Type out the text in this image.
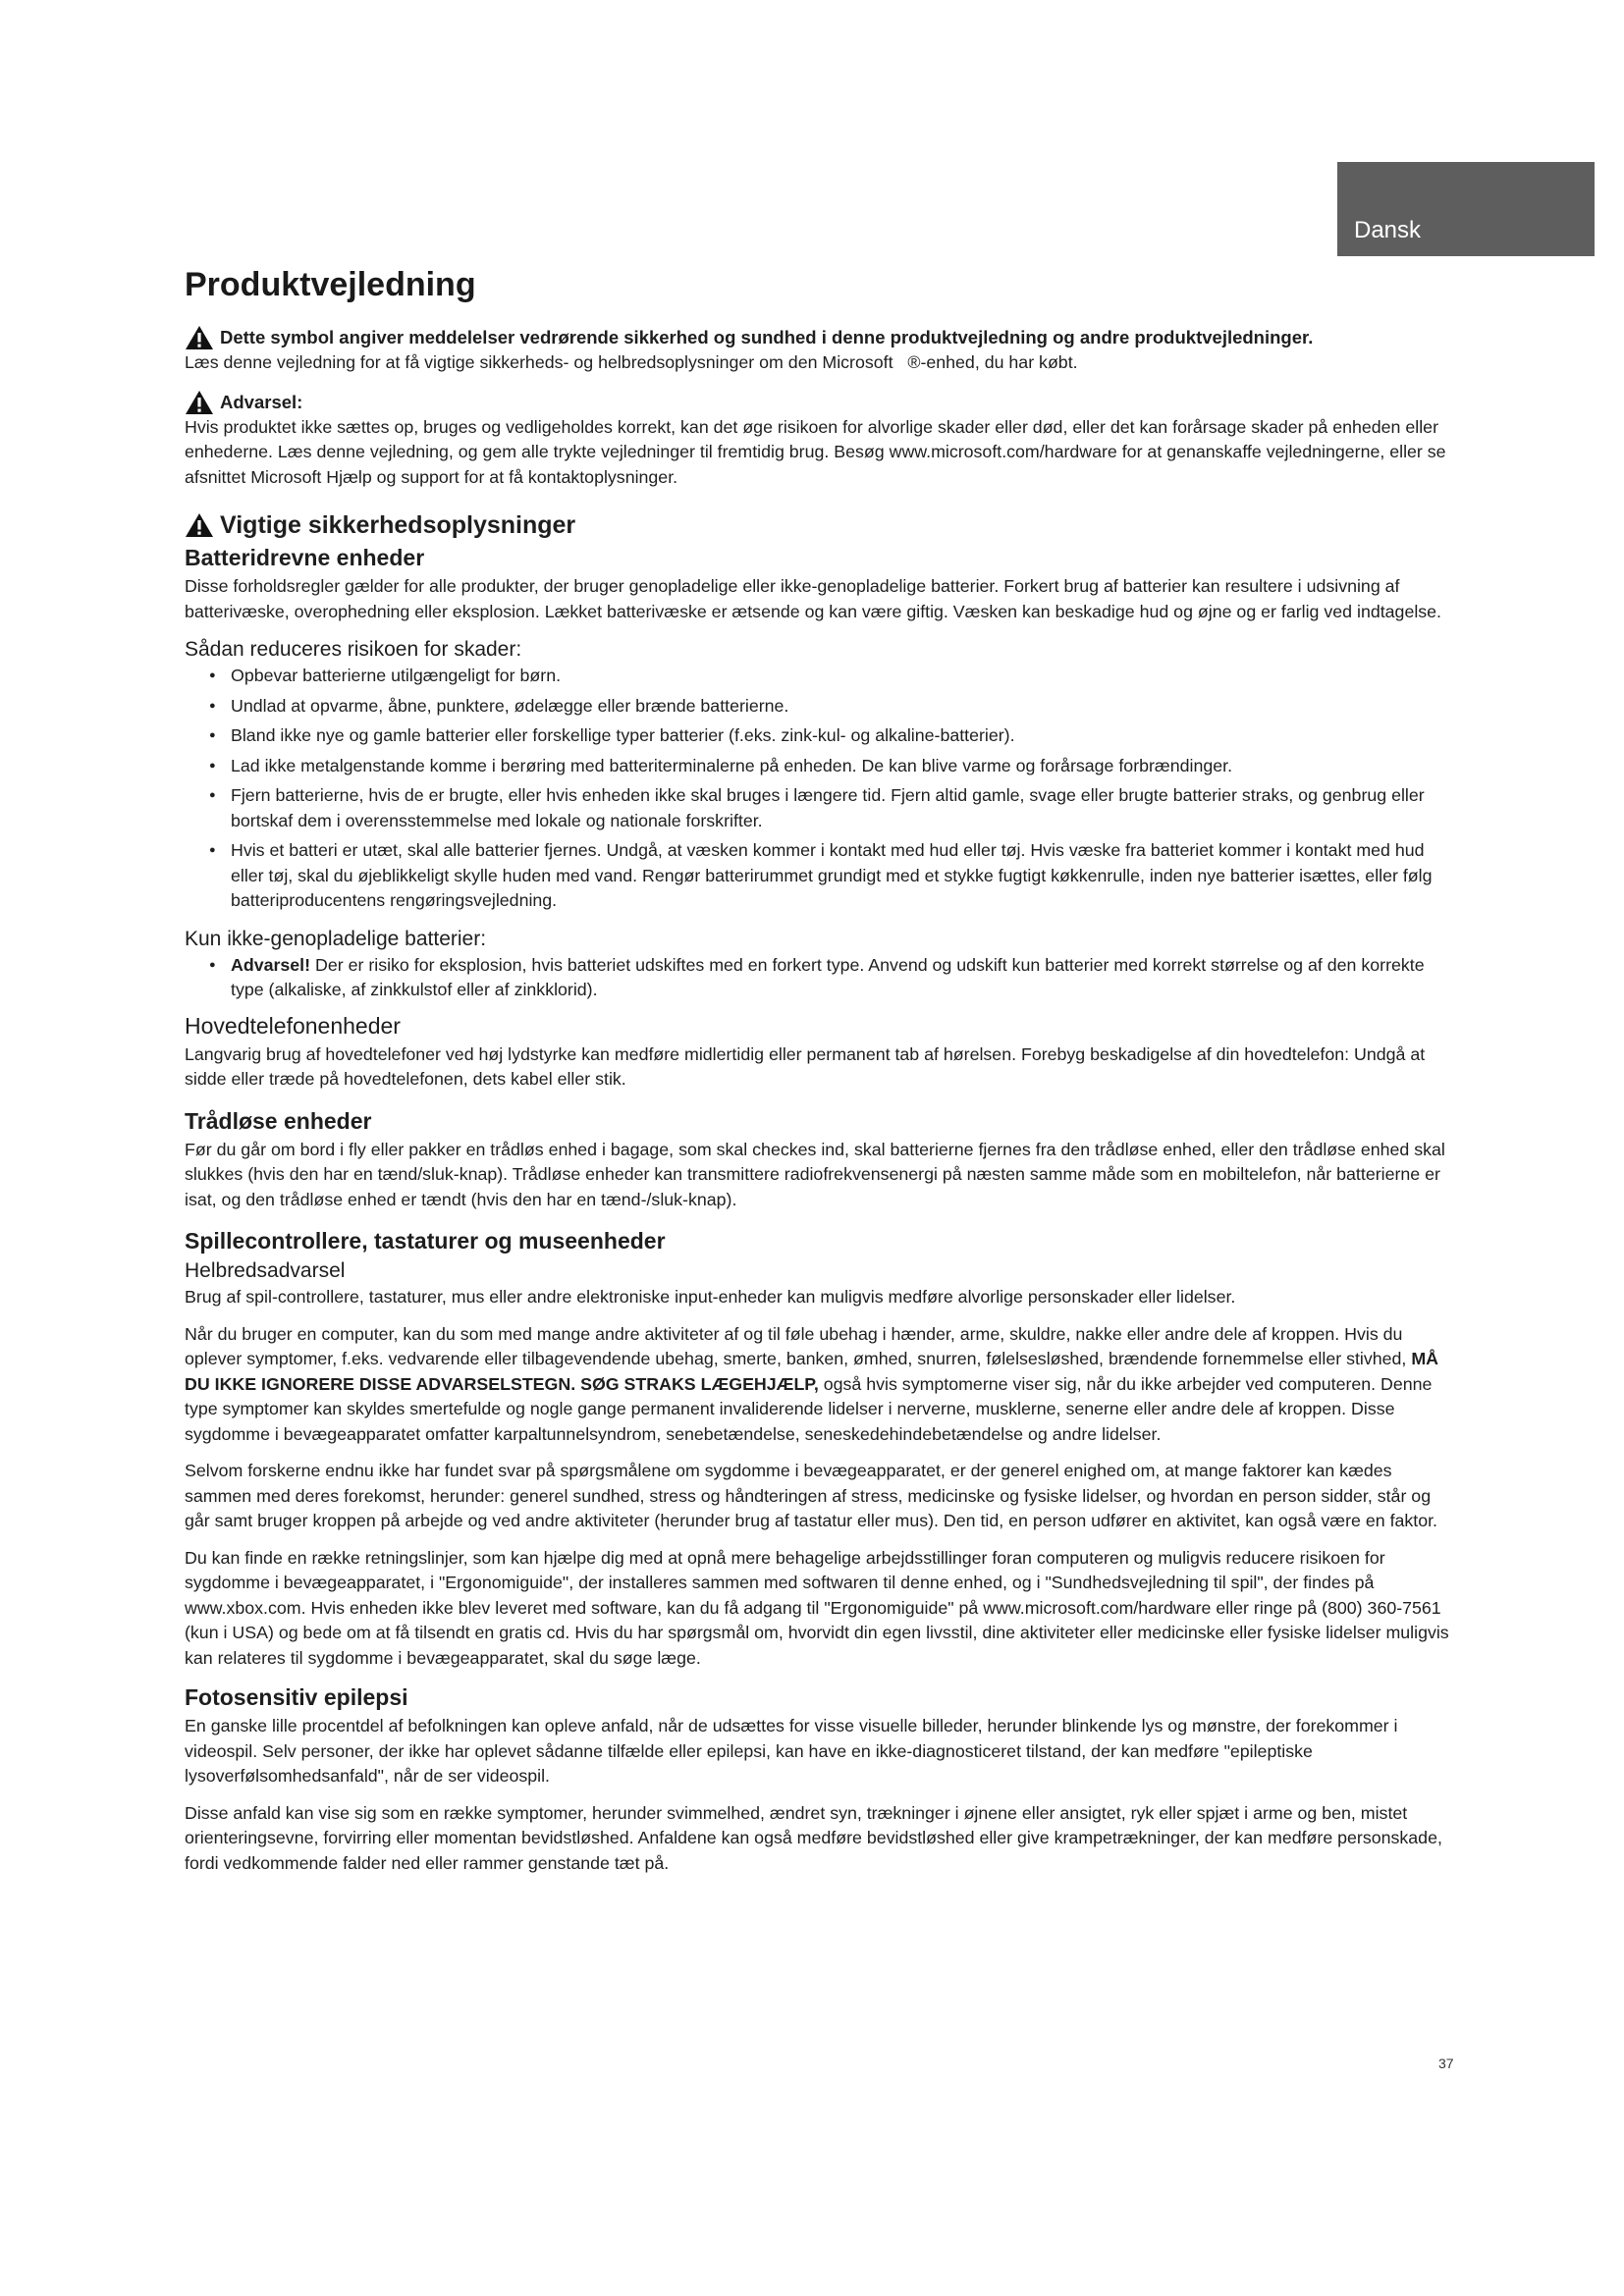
Dansk
Produktvejledning
Dette symbol angiver meddelelser vedrørende sikkerhed og sundhed i denne produktvejledning og andre produktvejledninger.

Læs denne vejledning for at få vigtige sikkerheds- og helbredsoplysninger om den Microsoft   ®-enhed, du har købt.

Advarsel:

Hvis produktet ikke sættes op, bruges og vedligeholdes korrekt, kan det øge risikoen for alvorlige skader eller død, eller det kan forårsage skader på enheden eller enhederne. Læs denne vejledning, og gem alle trykte vejledninger til fremtidig brug. Besøg www.microsoft.com/hardware for at genanskaffe vejledningerne, eller se afsnittet Microsoft Hjælp og support for at få kontaktoplysninger.

Vigtige sikkerhedsoplysninger
Batteridrevne enheder

Disse forholdsregler gælder for alle produkter, der bruger genopladelige eller ikke-genopladelige batterier. Forkert brug af batterier kan resultere i udsivning af batterivæske, overophedning eller eksplosion. Lækket batterivæske er ætsende og kan være giftig. Væsken kan beskadige hud og øjne og er farlig ved indtagelse.

Sådan reduceres risikoen for skader:
● Opbevar batterierne utilgængeligt for børn.
● Undlad at opvarme, åbne, punktere, ødelægge eller brænde batterierne.
● Bland ikke nye og gamle batterier eller forskellige typer batterier (f.eks. zink-kul- og alkaline-batterier).
● Lad ikke metalgenstande komme i berøring med batteriterminalerne på enheden. De kan blive varme og forårsage forbrændinger.
● Fjern batterierne, hvis de er brugte, eller hvis enheden ikke skal bruges i længere tid. Fjern altid gamle, svage eller brugte batterier straks, og genbrug eller bortskaf dem i overensstemmelse med lokale og nationale forskrifter.
● Hvis et batteri er utæt, skal alle batterier fjernes. Undgå, at væsken kommer i kontakt med hud eller tøj. Hvis væske fra batteriet kommer i kontakt med hud eller tøj, skal du øjeblikkeligt skylle huden med vand. Rengør batterirummet grundigt med et stykke fugtigt køkkenrulle, inden nye batterier isættes, eller følg batteriproducentens rengøringsvejledning.
Kun ikke-genopladelige batterier:
● Advarsel! Der er risiko for eksplosion, hvis batteriet udskiftes med en forkert type. Anvend og udskift kun batterier med korrekt størrelse og af den korrekte type (alkaliske, af zinkkulstof eller af zinkklorid).
Hovedtelefonenheder

Langvarig brug af hovedtelefoner ved høj lydstyrke kan medføre midlertidig eller permanent tab af hørelsen. Forebyg beskadigelse af din hovedtelefon: Undgå at sidde eller træde på hovedtelefonen, dets kabel eller stik.

Trådløse enheder

Før du går om bord i fly eller pakker en trådløs enhed i bagage, som skal checkes ind, skal batterierne fjernes fra den trådløse enhed, eller den trådløse enhed skal slukkes (hvis den har en tænd/sluk-knap). Trådløse enheder kan transmittere radiofrekvensenergi på næsten samme måde som en mobiltelefon, når batterierne er isat, og den trådløse enhed er tændt (hvis den har en tænd-/sluk-knap).

Spillecontrollere, tastaturer og museenheder
Helbredsadvarsel

Brug af spil-controllere, tastaturer, mus eller andre elektroniske input-enheder kan muligvis medføre alvorlige personskader eller lidelser.

Når du bruger en computer, kan du som med mange andre aktiviteter af og til føle ubehag i hænder, arme, skuldre, nakke eller andre dele af kroppen. Hvis du oplever symptomer, f.eks. vedvarende eller tilbagevendende ubehag, smerte, banken, ømhed, snurren, følelsesløshed, brændende fornemmelse eller stivhed, MÅ DU IKKE IGNORERE DISSE ADVARSELSTEGN. SØG STRAKS LÆGEHJÆLP, også hvis symptomerne viser sig, når du ikke arbejder ved computeren. Denne type symptomer kan skyldes smertefulde og nogle gange permanent invaliderende lidelser i nerverne, musklerne, senerne eller andre dele af kroppen. Disse sygdomme i bevægeapparatet omfatter karpaltunnelsyndrom, senebetændelse, seneskedehindebetændelse og andre lidelser.

Selvom forskerne endnu ikke har fundet svar på spørgsmålene om sygdomme i bevægeapparatet, er der generel enighed om, at mange faktorer kan kædes sammen med deres forekomst, herunder: generel sundhed, stress og håndteringen af stress, medicinske og fysiske lidelser, og hvordan en person sidder, står og går samt bruger kroppen på arbejde og ved andre aktiviteter (herunder brug af tastatur eller mus). Den tid, en person udfører en aktivitet, kan også være en faktor.

Du kan finde en række retningslinjer, som kan hjælpe dig med at opnå mere behagelige arbejdsstillinger foran computeren og muligvis reducere risikoen for sygdomme i bevægeapparatet, i "Ergonomiguide", der installeres sammen med softwaren til denne enhed, og i "Sundhedsvejledning til spil", der findes på www.xbox.com. Hvis enheden ikke blev leveret med software, kan du få adgang til "Ergonomiguide" på www.microsoft.com/hardware eller ringe på (800) 360-7561 (kun i USA) og bede om at få tilsendt en gratis cd. Hvis du har spørgsmål om, hvorvidt din egen livsstil, dine aktiviteter eller medicinske eller fysiske lidelser muligvis kan relateres til sygdomme i bevægeapparatet, skal du søge læge.

Fotosensitiv epilepsi

En ganske lille procentdel af befolkningen kan opleve anfald, når de udsættes for visse visuelle billeder, herunder blinkende lys og mønstre, der forekommer i videospil. Selv personer, der ikke har oplevet sådanne tilfælde eller epilepsi, kan have en ikke-diagnosticeret tilstand, der kan medføre "epileptiske lysoverfølsomhedsanfald", når de ser videospil.

Disse anfald kan vise sig som en række symptomer, herunder svimmelhed, ændret syn, trækninger i øjnene eller ansigtet, ryk eller spjæt i arme og ben, mistet orienteringsevne, forvirring eller momentan bevidstløshed. Anfaldene kan også medføre bevidstløshed eller give krampetrækninger, der kan medføre personskade, fordi vedkommende falder ned eller rammer genstande tæt på.

37
